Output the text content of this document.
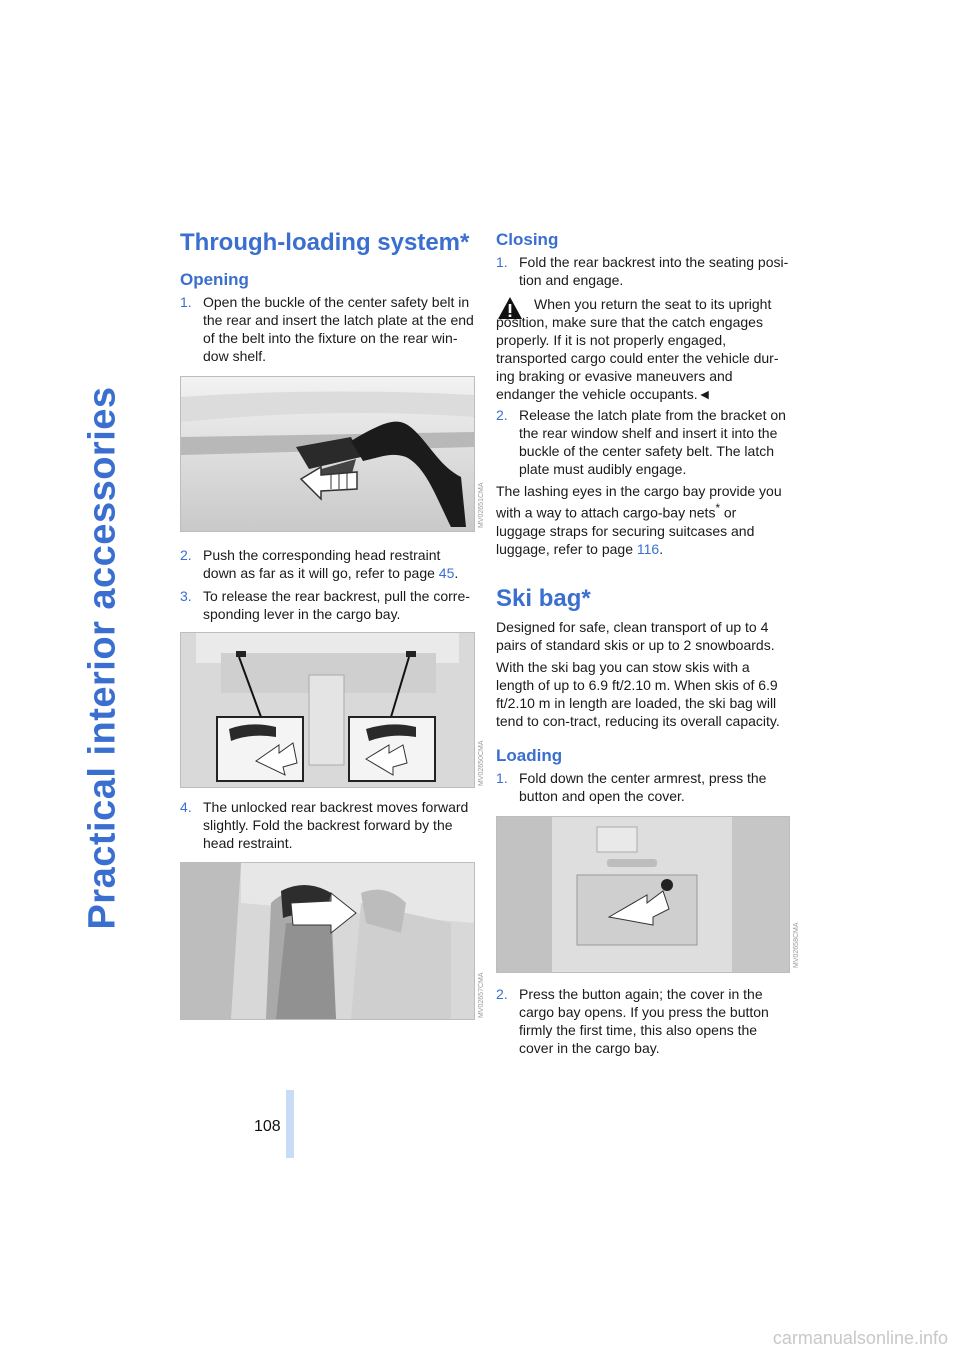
Practical interior accessories
108
Through-loading system*
Opening
1. Open the buckle of the center safety belt in the rear and insert the latch plate at the end of the belt into the fixture on the rear win-dow shelf.
MV02651CMA
2. Push the corresponding head restraint down as far as it will go, refer to page 45.
3. To release the rear backrest, pull the corre-sponding lever in the cargo bay.
MV02650CMA
4. The unlocked rear backrest moves forward slightly. Fold the backrest forward by the head restraint.
MV02657CMA
Closing
1. Fold the rear backrest into the seating posi-tion and engage.
When you return the seat to its upright position, make sure that the catch engages properly. If it is not properly engaged, transported cargo could enter the vehicle dur-ing braking or evasive maneuvers and endanger the vehicle occupants.◄
2. Release the latch plate from the bracket on the rear window shelf and insert it into the buckle of the center safety belt. The latch plate must audibly engage.
The lashing eyes in the cargo bay provide you with a way to attach cargo-bay nets* or luggage straps for securing suitcases and luggage, refer to page 116.
Ski bag*
Designed for safe, clean transport of up to 4 pairs of standard skis or up to 2 snowboards.
With the ski bag you can stow skis with a length of up to 6.9 ft/2.10 m. When skis of 6.9 ft/2.10 m in length are loaded, the ski bag will tend to con-tract, reducing its overall capacity.
Loading
1. Fold down the center armrest, press the button and open the cover.
MV02658CMA
2. Press the button again; the cover in the cargo bay opens. If you press the button firmly the first time, this also opens the cover in the cargo bay.
carmanualsonline.info
